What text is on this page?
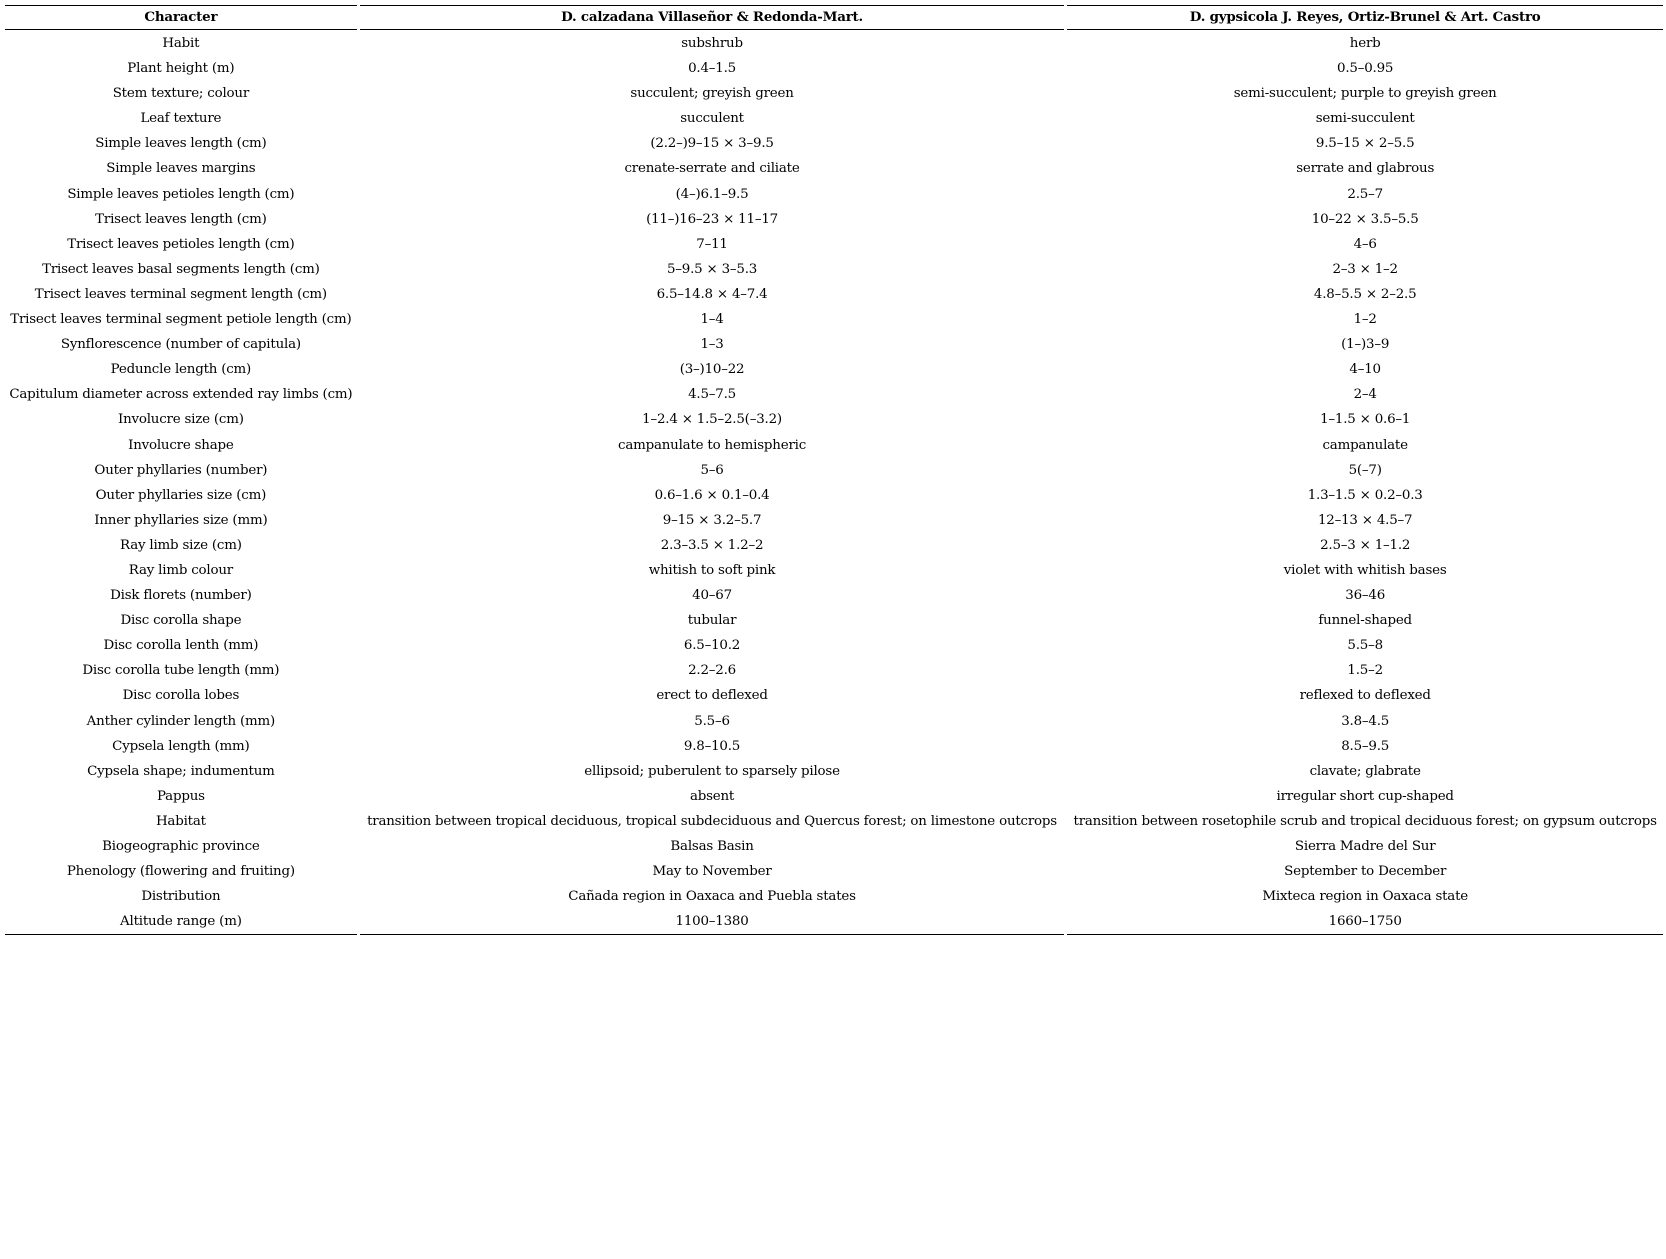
Character	D. calzadana Villaseñor & Redonda-Mart.	D. gypsicola J. Reyes, Ortiz-Brunel & Art. Castro
Habit	subshrub	herb
Plant height (m)	0.4–1.5	0.5–0.95
Stem texture; colour	succulent; greyish green	semi-succulent; purple to greyish green
Leaf texture	succulent	semi-succulent
Simple leaves length (cm)	(2.2–)9–15 × 3–9.5	9.5–15 × 2–5.5
Simple leaves margins	crenate-serrate and ciliate	serrate and glabrous
Simple leaves petioles length (cm)	(4–)6.1–9.5	2.5–7
Trisect leaves length (cm)	(11–)16–23 × 11–17	10–22 × 3.5–5.5
Trisect leaves petioles length (cm)	7–11	4–6
Trisect leaves basal segments length (cm)	5–9.5 × 3–5.3	2–3 × 1–2
Trisect leaves terminal segment length (cm)	6.5–14.8 × 4–7.4	4.8–5.5 × 2–2.5
Trisect leaves terminal segment petiole length (cm)	1–4	1–2
Synflorescence (number of capitula)	1–3	(1–)3–9
Peduncle length (cm)	(3–)10–22	4–10
Capitulum diameter across extended ray limbs (cm)	4.5–7.5	2–4
Involucre size (cm)	1–2.4 × 1.5–2.5(–3.2)	1–1.5 × 0.6–1
Involucre shape	campanulate to hemispheric	campanulate
Outer phyllaries (number)	5–6	5(–7)
Outer phyllaries size (cm)	0.6–1.6 × 0.1–0.4	1.3–1.5 × 0.2–0.3
Inner phyllaries size (mm)	9–15 × 3.2–5.7	12–13 × 4.5–7
Ray limb size (cm)	2.3–3.5 × 1.2–2	2.5–3 × 1–1.2
Ray limb colour	whitish to soft pink	violet with whitish bases
Disk florets (number)	40–67	36–46
Disc corolla shape	tubular	funnel-shaped
Disc corolla lenth (mm)	6.5–10.2	5.5–8
Disc corolla tube length (mm)	2.2–2.6	1.5–2
Disc corolla lobes	erect to deflexed	reflexed to deflexed
Anther cylinder length (mm)	5.5–6	3.8–4.5
Cypsela length (mm)	9.8–10.5	8.5–9.5
Cypsela shape; indumentum	ellipsoid; puberulent to sparsely pilose	clavate; glabrate
Pappus	absent	irregular short cup-shaped
Habitat	transition between tropical deciduous, tropical subdeciduous and Quercus forest; on limestone outcrops	transition between rosetophile scrub and tropical deciduous forest; on gypsum outcrops
Biogeographic province	Balsas Basin	Sierra Madre del Sur
Phenology (flowering and fruiting)	May to November	September to December
Distribution	Cañada region in Oaxaca and Puebla states	Mixteca region in Oaxaca state
Altitude range (m)	1100–1380	1660–1750
